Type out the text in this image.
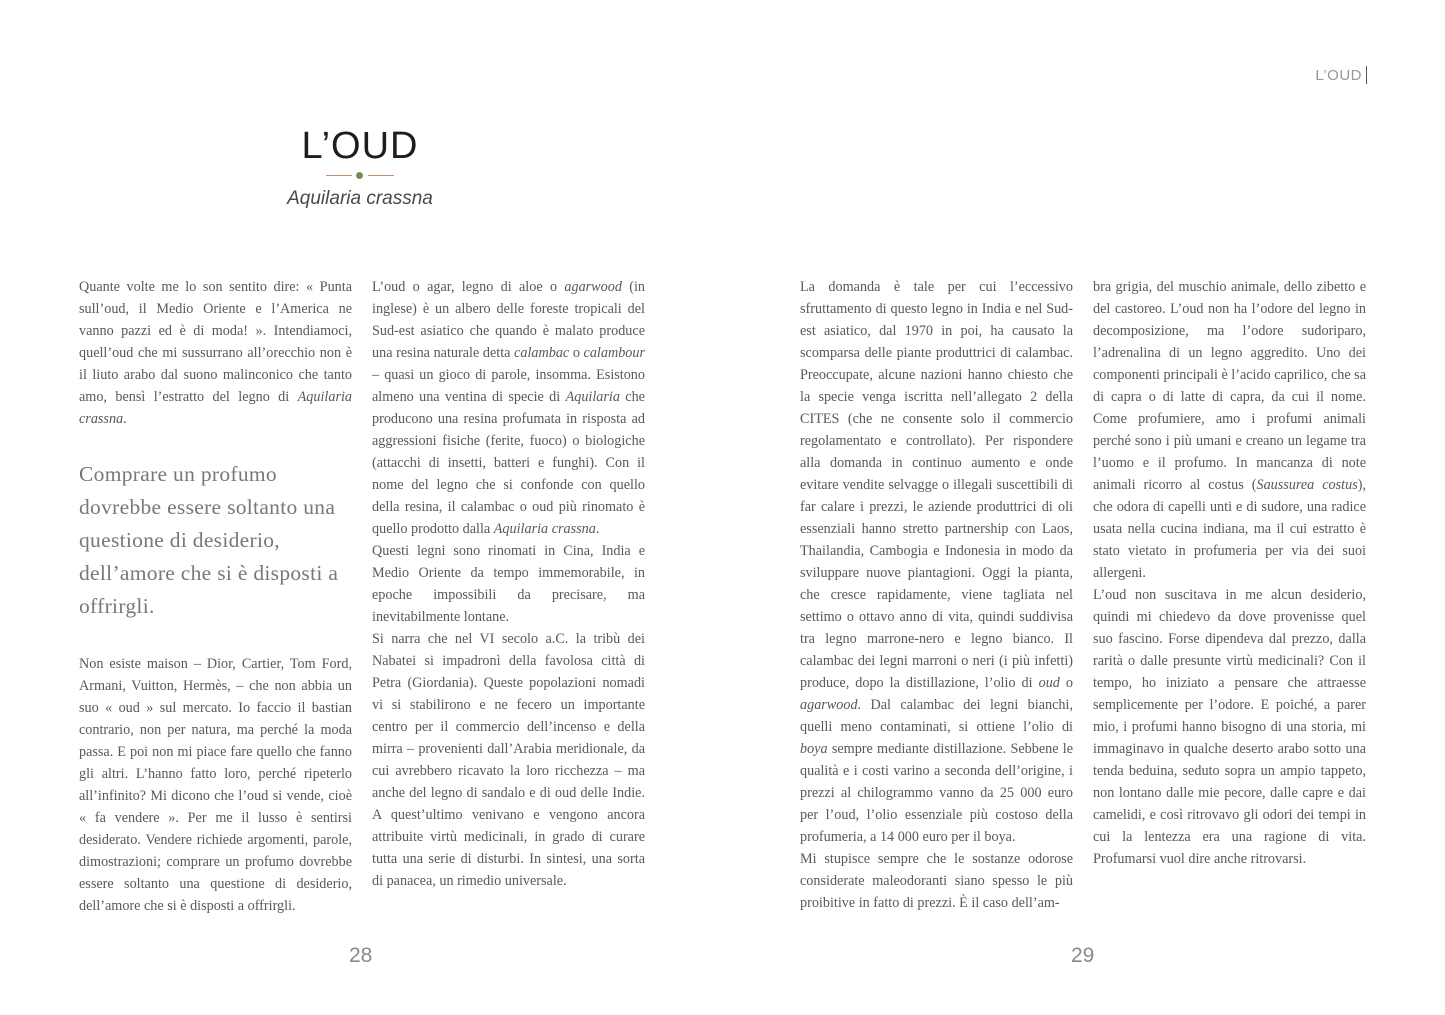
L’OUD
L’OUD
Aquilaria crassna

Quante volte me lo son sentito dire: « Punta sull’oud, il Medio Oriente e l’America ne vanno pazzi ed è di moda! ». Intendiamoci, quell’oud che mi sussurrano all’orecchio non è il liuto arabo dal suono malinconico che tanto amo, bensì l’estratto del legno di Aquilaria crassna.

Comprare un profumo dovrebbe essere soltanto una questione di desiderio, dell’amore che si è disposti a offrirgli.

Non esiste maison – Dior, Cartier, Tom Ford, Armani, Vuitton, Hermès, – che non abbia un suo « oud » sul mercato. Io faccio il bastian contrario, non per natura, ma perché la moda passa. E poi non mi piace fare quello che fanno gli altri. L’hanno fatto loro, perché ripeterlo all’infinito? Mi dicono che l’oud si vende, cioè « fa vendere ». Per me il lusso è sentirsi desiderato. Vendere richiede argomenti, parole, dimostrazioni; comprare un profumo dovrebbe essere soltanto una questione di desiderio, dell’amore che si è disposti a offrirgli.

L’oud o agar, legno di aloe o agarwood (in inglese) è un albero delle foreste tropicali del Sud-est asiatico che quando è malato produce una resina naturale detta calambac o calambour – quasi un gioco di parole, insomma. Esistono almeno una ventina di specie di Aquilaria che producono una resina profumata in risposta ad aggressioni fisiche (ferite, fuoco) o biologiche (attacchi di insetti, batteri e funghi). Con il nome del legno che si confonde con quello della resina, il calambac o oud più rinomato è quello prodotto dalla Aquilaria crassna.

Questi legni sono rinomati in Cina, India e Medio Oriente da tempo immemorabile, in epoche impossibili da precisare, ma inevitabilmente lontane.

Si narra che nel VI secolo a.C. la tribù dei Nabatei si impadronì della favolosa città di Petra (Giordania). Queste popolazioni nomadi vi si stabilirono e ne fecero un importante centro per il commercio dell’incenso e della mirra – provenienti dall’Arabia meridionale, da cui avrebbero ricavato la loro ricchezza – ma anche del legno di sandalo e di oud delle Indie. A quest’ultimo venivano e vengono ancora attribuite virtù medicinali, in grado di curare tutta una serie di disturbi. In sintesi, una sorta di panacea, un rimedio universale.

La domanda è tale per cui l’eccessivo sfruttamento di questo legno in India e nel Sud-est asiatico, dal 1970 in poi, ha causato la scomparsa delle piante produttrici di calambac. Preoccupate, alcune nazioni hanno chiesto che la specie venga iscritta nell’allegato 2 della CITES (che ne consente solo il commercio regolamentato e controllato). Per rispondere alla domanda in continuo aumento e onde evitare vendite selvagge o illegali suscettibili di far calare i prezzi, le aziende produttrici di oli essenziali hanno stretto partnership con Laos, Thailandia, Cambogia e Indonesia in modo da sviluppare nuove piantagioni. Oggi la pianta, che cresce rapidamente, viene tagliata nel settimo o ottavo anno di vita, quindi suddivisa tra legno marrone-nero e legno bianco. Il calambac dei legni marroni o neri (i più infetti) produce, dopo la distillazione, l’olio di oud o agarwood. Dal calambac dei legni bianchi, quelli meno contaminati, si ottiene l’olio di boya sempre mediante distillazione. Sebbene le qualità e i costi varino a seconda dell’origine, i prezzi al chilogrammo vanno da 25 000 euro per l’oud, l’olio essenziale più costoso della profumeria, a 14 000 euro per il boya.

Mi stupisce sempre che le sostanze odorose considerate maleodoranti siano spesso le più proibitive in fatto di prezzi. È il caso dell’am-

bra grigia, del muschio animale, dello zibetto e del castoreo. L’oud non ha l’odore del legno in decomposizione, ma l’odore sudoriparo, l’adrenalina di un legno aggredito. Uno dei componenti principali è l’acido caprilico, che sa di capra o di latte di capra, da cui il nome. Come profumiere, amo i profumi animali perché sono i più umani e creano un legame tra l’uomo e il profumo. In mancanza di note animali ricorro al costus (Saussurea costus), che odora di capelli unti e di sudore, una radice usata nella cucina indiana, ma il cui estratto è stato vietato in profumeria per via dei suoi allergeni.

L’oud non suscitava in me alcun desiderio, quindi mi chiedevo da dove provenisse quel suo fascino. Forse dipendeva dal prezzo, dalla rarità o dalle presunte virtù medicinali? Con il tempo, ho iniziato a pensare che attraesse semplicemente per l’odore. E poiché, a parer mio, i profumi hanno bisogno di una storia, mi immaginavo in qualche deserto arabo sotto una tenda beduina, seduto sopra un ampio tappeto, non lontano dalle mie pecore, dalle capre e dai camelidi, e così ritrovavo gli odori dei tempi in cui la lentezza era una ragione di vita. Profumarsi vuol dire anche ritrovarsi.

28	29
